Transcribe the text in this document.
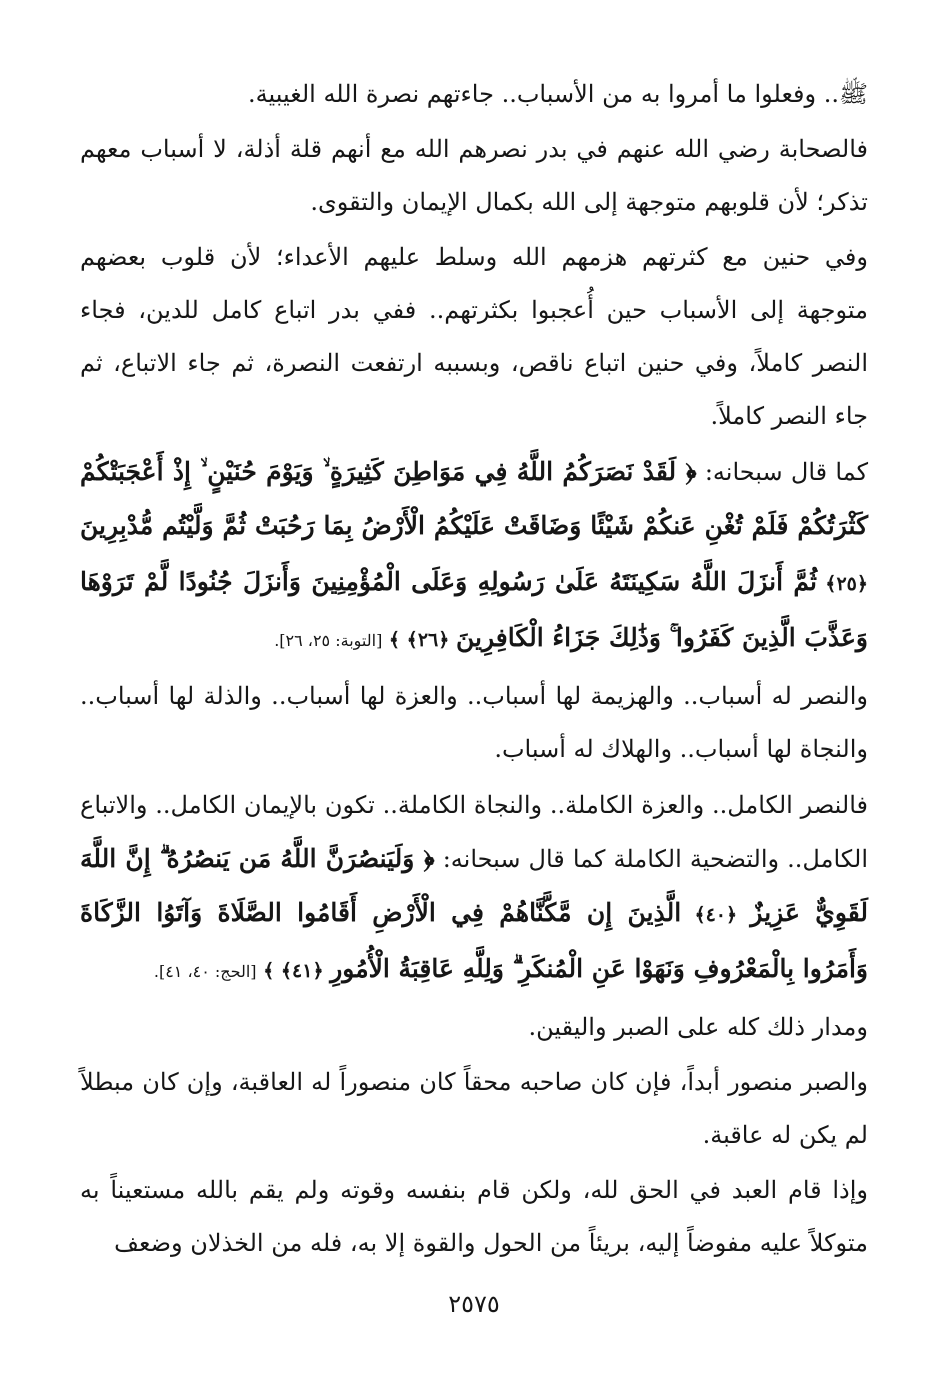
ﷺ.. وفعلوا ما أمروا به من الأسباب.. جاءتهم نصرة الله الغيبية.

فالصحابة رضي الله عنهم في بدر نصرهم الله مع أنهم قلة أذلة، لا أسباب معهم تذكر؛ لأن قلوبهم متوجهة إلى الله بكمال الإيمان والتقوى.

وفي حنين مع كثرتهم هزمهم الله وسلط عليهم الأعداء؛ لأن قلوب بعضهم متوجهة إلى الأسباب حين أُعجبوا بكثرتهم.. ففي بدر اتباع كامل للدين، فجاء النصر كاملاً، وفي حنين اتباع ناقص، وبسببه ارتفعت النصرة، ثم جاء الاتباع، ثم جاء النصر كاملاً.

كما قال سبحانه: ﴿ لَقَدْ نَصَرَكُمُ اللَّهُ فِي مَوَاطِنَ كَثِيرَةٍ ۙ وَيَوْمَ حُنَيْنٍ ۙ إِذْ أَعْجَبَتْكُمْ كَثْرَتُكُمْ فَلَمْ تُغْنِ عَنكُمْ شَيْئًا وَضَاقَتْ عَلَيْكُمُ الْأَرْضُ بِمَا رَحُبَتْ ثُمَّ وَلَّيْتُم مُّدْبِرِينَ ﴿٢٥﴾ ثُمَّ أَنزَلَ اللَّهُ سَكِينَتَهُ عَلَىٰ رَسُولِهِ وَعَلَى الْمُؤْمِنِينَ وَأَنزَلَ جُنُودًا لَّمْ تَرَوْهَا وَعَذَّبَ الَّذِينَ كَفَرُوا ۚ وَذَٰلِكَ جَزَاءُ الْكَافِرِينَ ﴿٢٦﴾ ﴾ [التوبة: ٢٥، ٢٦].

والنصر له أسباب.. والهزيمة لها أسباب.. والعزة لها أسباب.. والذلة لها أسباب.. والنجاة لها أسباب.. والهلاك له أسباب.

فالنصر الكامل.. والعزة الكاملة.. والنجاة الكاملة.. تكون بالإيمان الكامل.. والاتباع الكامل.. والتضحية الكاملة كما قال سبحانه: ﴿ وَلَيَنصُرَنَّ اللَّهُ مَن يَنصُرُهُ ۗ إِنَّ اللَّهَ لَقَوِيٌّ عَزِيزٌ ﴿٤٠﴾ الَّذِينَ إِن مَّكَّنَّاهُمْ فِي الْأَرْضِ أَقَامُوا الصَّلَاةَ وَآتَوُا الزَّكَاةَ وَأَمَرُوا بِالْمَعْرُوفِ وَنَهَوْا عَنِ الْمُنكَرِ ۗ وَلِلَّهِ عَاقِبَةُ الْأُمُورِ ﴿٤١﴾ ﴾ [الحج: ٤٠، ٤١].

ومدار ذلك كله على الصبر واليقين.

والصبر منصور أبداً، فإن كان صاحبه محقاً كان منصوراً له العاقبة، وإن كان مبطلاً لم يكن له عاقبة.

وإذا قام العبد في الحق لله، ولكن قام بنفسه وقوته ولم يقم بالله مستعيناً به متوكلاً عليه مفوضاً إليه، بريئاً من الحول والقوة إلا به، فله من الخذلان وضعف

٢٥٧٥
